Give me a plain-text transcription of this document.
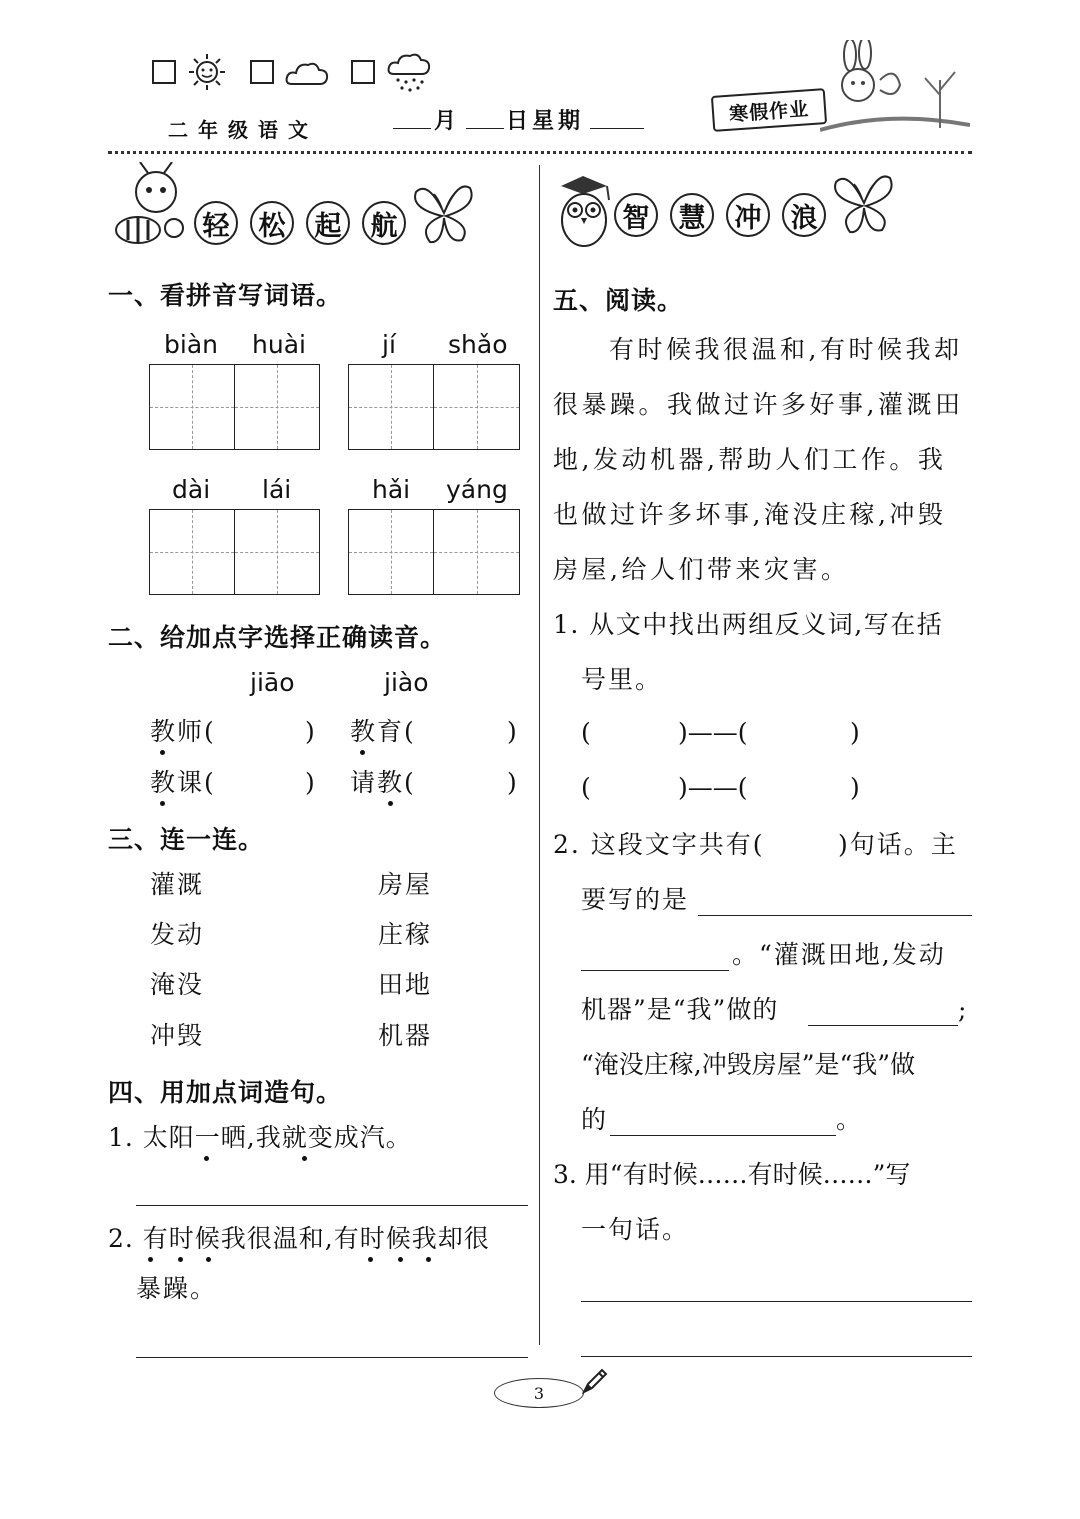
二年级语文	月 日星期	寒假作业
轻	松	起	航
一、看拼音写词语。
biàn huài	jí shǎo
dài lái	hǎi yáng
二、给加点字选择正确读音。
jiāo	jiào
教师(	) 教育(	)
教课(	) 请教(	)
三、连一连。
灌溉	房屋
发动	庄稼
淹没	田地
冲毁	机器
四、用加点词造句。
1. 太阳一晒,我就变成汽。
2. 有时候我很温和,有时候我却很
暴躁。
智	慧	冲	浪
五、阅读。
有时候我很温和,有时候我却
很暴躁。我做过许多好事,灌溉田
地,发动机器,帮助人们工作。我
也做过许多坏事,淹没庄稼,冲毁
房屋,给人们带来灾害。
1. 从文中找出两组反义词,写在括
号里。
(	)——(	)
(	)——(	)
2. 这段文字共有(	)句话。主
要写的是
。“灌溉田地,发动
机器”是“我”做的	;
“淹没庄稼,冲毁房屋”是“我”做
的	。
3. 用“有时候……有时候……”写
一句话。
3
